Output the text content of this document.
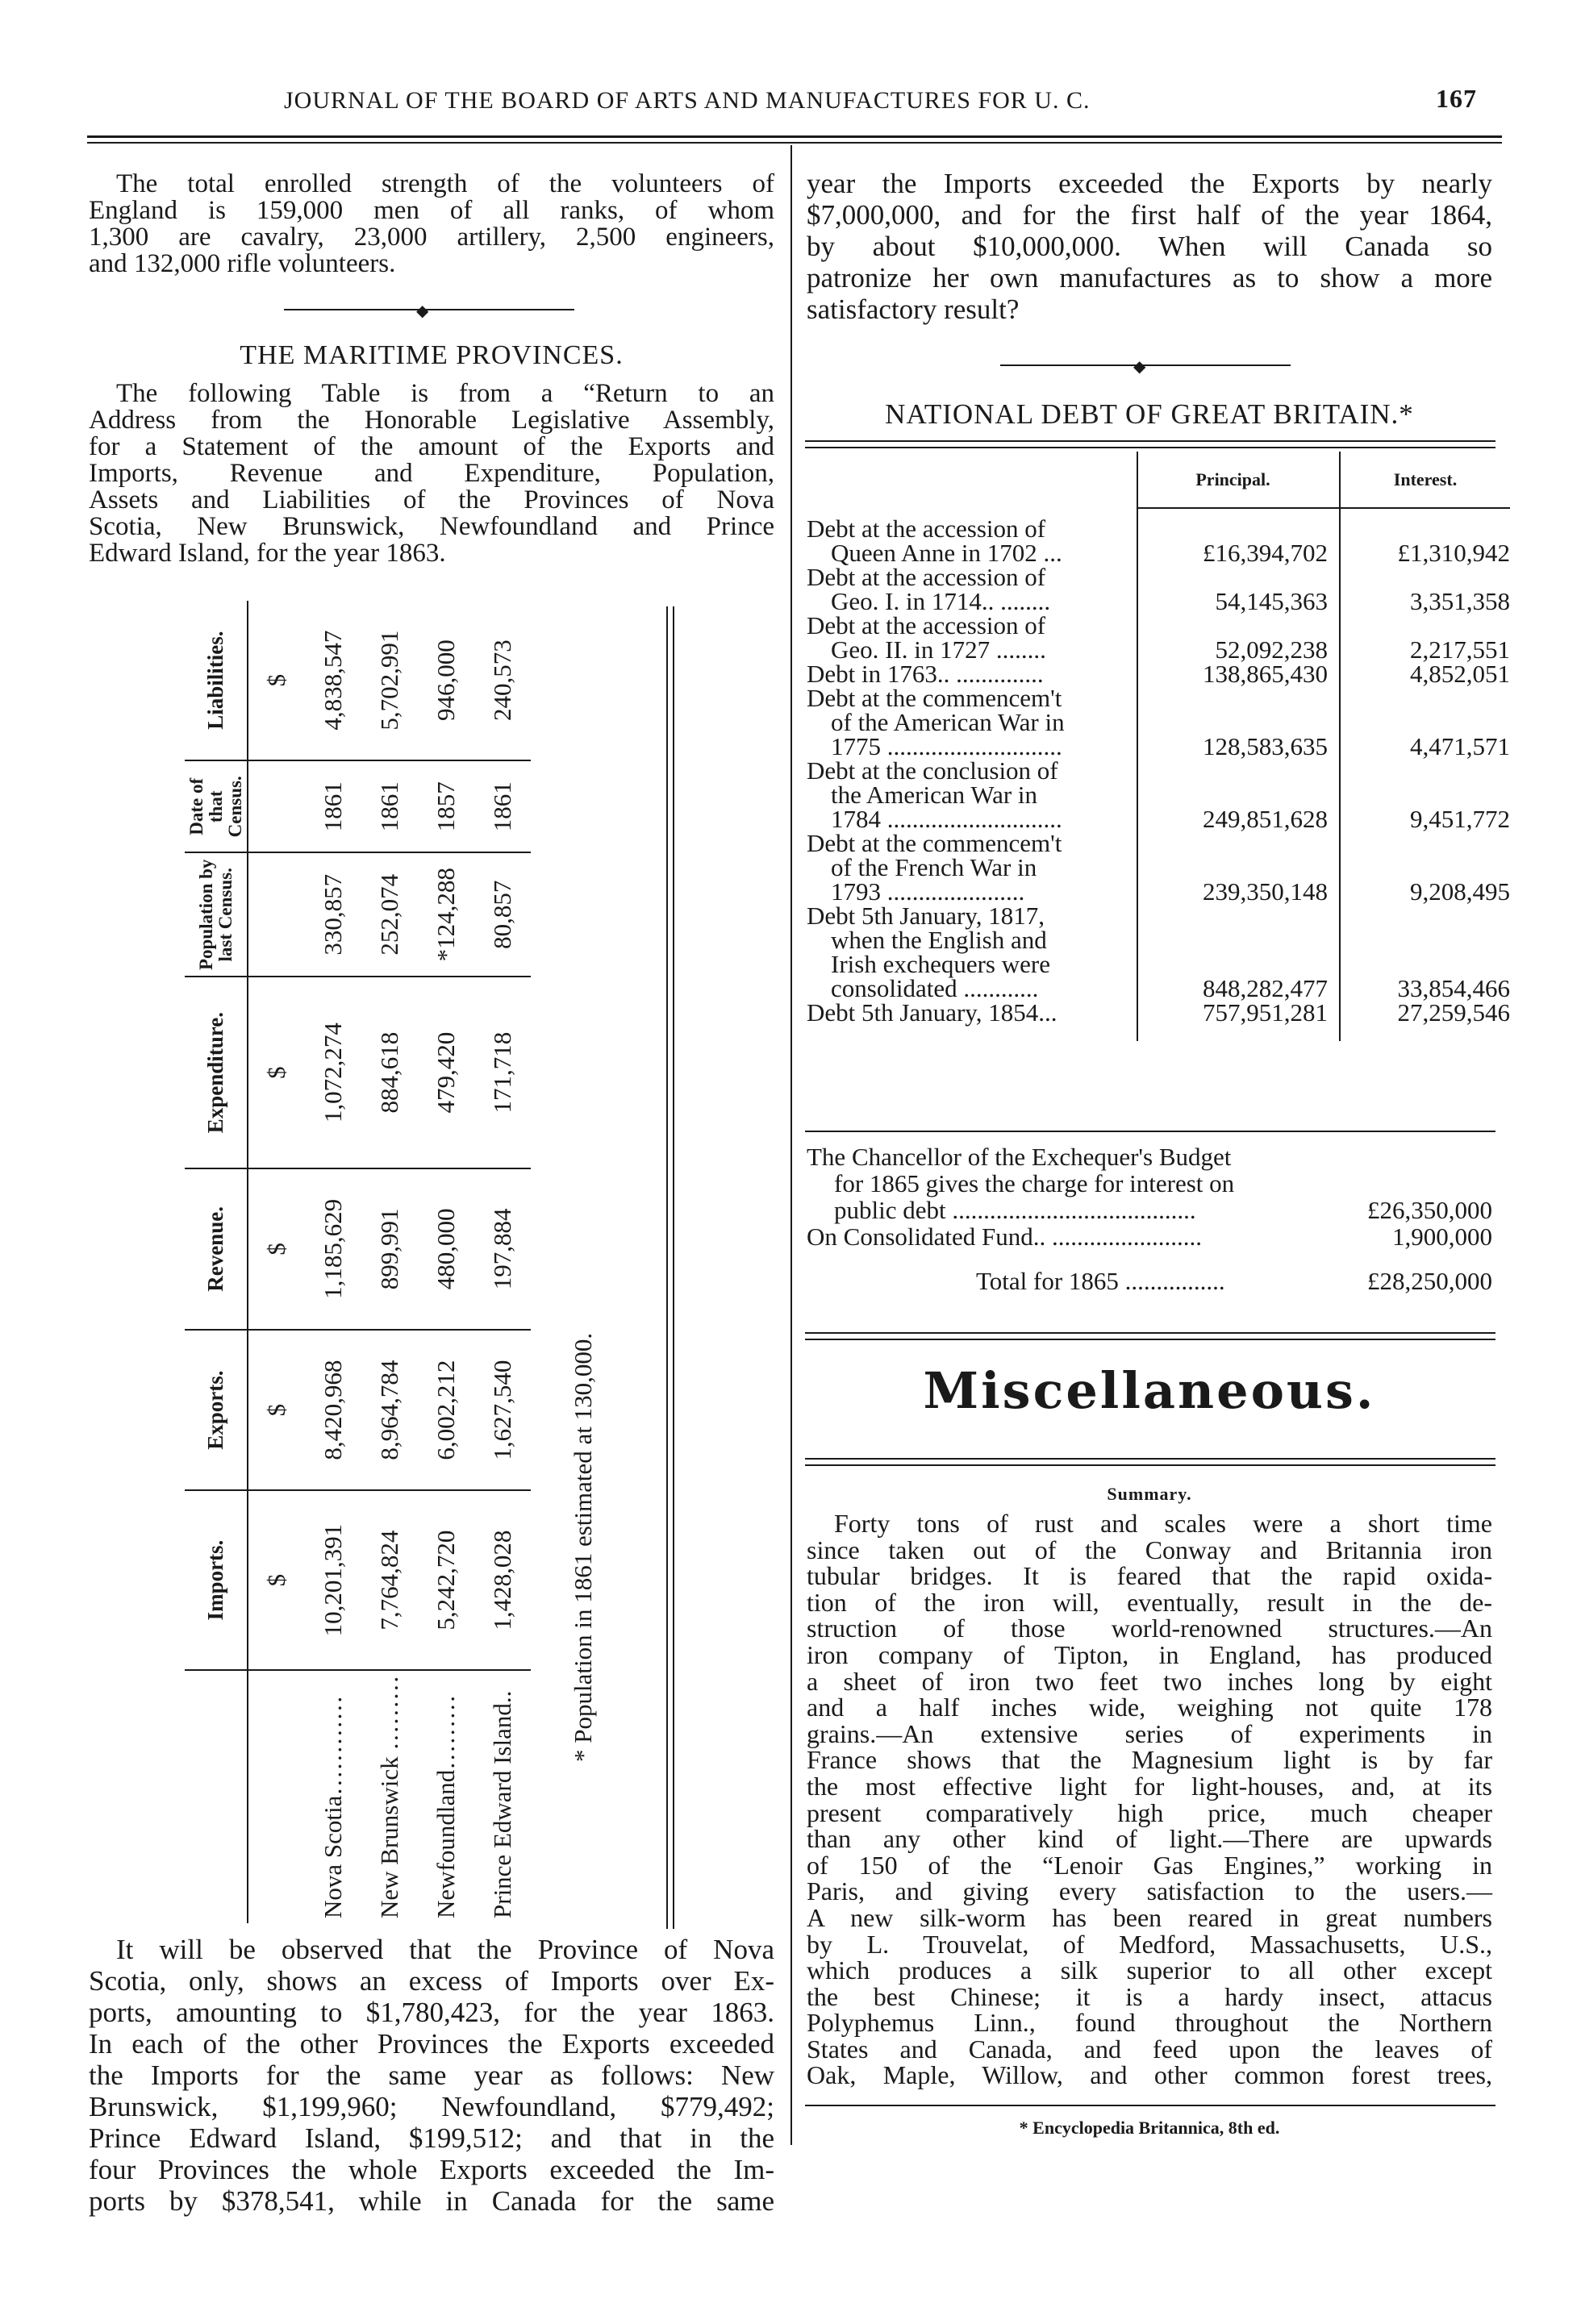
JOURNAL OF THE BOARD OF ARTS AND MANUFACTURES FOR U. C.	167
The total enrolled strength of the volunteers of
England is 159,000 men of all ranks, of whom
1,300 are cavalry, 23,000 artillery, 2,500 engineers,
and 132,000 rifle volunteers.
◆
THE MARITIME PROVINCES.
The following Table is from a “Return to an
Address from the Honorable Legislative Assembly,
for a Statement of the amount of the Exports and
Imports, Revenue and Expenditure, Population,
Assets and Liabilities of the Provinces of Nova
Scotia, New Brunswick, Newfoundland and Prince
Edward Island, for the year 1863.
	Imports.	Exports.	Revenue.	Expenditure.	Population by last Census.	Date of that Census.	Liabilities.
	$	$	$	$			$
Nova Scotia…………	10,201,391	8,420,968	1,185,629	1,072,274	330,857	1861	4,838,547
New Brunswick ………	7,764,824	8,964,784	899,991	884,618	252,074	1861	5,702,991
Newfoundland………	5,242,720	6,002,212	480,000	479,420	*124,288	1857	946,000
Prince Edward Island..	1,428,028	1,627,540	197,884	171,718	80,857	1861	240,573
* Population in 1861 estimated at 130,000.							
It will be observed that the Province of Nova
Scotia, only, shows an excess of Imports over Ex-
ports, amounting to $1,780,423, for the year 1863.
In each of the other Provinces the Exports exceeded
the Imports for the same year as follows: New
Brunswick, $1,199,960; Newfoundland, $779,492;
Prince Edward Island, $199,512; and that in the
four Provinces the whole Exports exceeded the Im-
ports by $378,541, while in Canada for the same
year the Imports exceeded the Exports by nearly
$7,000,000, and for the first half of the year 1864,
by about $10,000,000. When will Canada so
patronize her own manufactures as to show a more
satisfactory result?
◆
NATIONAL DEBT OF GREAT BRITAIN.*
	Principal.	Interest.

Debt at the accession of
Queen Anne in 1702 ...	£16,394,702	£1,310,942

Debt at the accession of
Geo. I. in 1714.. ........	54,145,363	3,351,358

Debt at the accession of
Geo. II. in 1727 ........	52,092,238	2,217,551

Debt in 1763.. ..............	138,865,430	4,852,051

Debt at the commencem't
of the American War in
1775 ............................	128,583,635	4,471,571

Debt at the conclusion of
the American War in
1784 ............................	249,851,628	9,451,772

Debt at the commencem't
of the French War in
1793 ......................	239,350,148	9,208,495

Debt 5th January, 1817,
when the English and
Irish exchequers were
consolidated ............	848,282,477	33,854,466

Debt 5th January, 1854...	757,951,281	27,259,546
The Chancellor of the Exchequer's Budget
for 1865 gives the charge for interest on
public debt .......................................	£26,350,000
On Consolidated Fund.. ........................	1,900,000
Total for 1865 ................	£28,250,000
Miscellaneous.
Summary.
Forty tons of rust and scales were a short time
since taken out of the Conway and Britannia iron
tubular bridges. It is feared that the rapid oxida-
tion of the iron will, eventually, result in the de-
struction of those world-renowned structures.—An
iron company of Tipton, in England, has produced
a sheet of iron two feet two inches long by eight
and a half inches wide, weighing not quite 178
grains.—An extensive series of experiments in
France shows that the Magnesium light is by far
the most effective light for light-houses, and, at its
present comparatively high price, much cheaper
than any other kind of light.—There are upwards
of 150 of the “Lenoir Gas Engines,” working in
Paris, and giving every satisfaction to the users.—
A new silk-worm has been reared in great numbers
by L. Trouvelat, of Medford, Massachusetts, U.S.,
which produces a silk superior to all other except
the best Chinese; it is a hardy insect, attacus
Polyphemus Linn., found throughout the Northern
States and Canada, and feed upon the leaves of
Oak, Maple, Willow, and other common forest trees,
* Encyclopedia Britannica, 8th ed.
